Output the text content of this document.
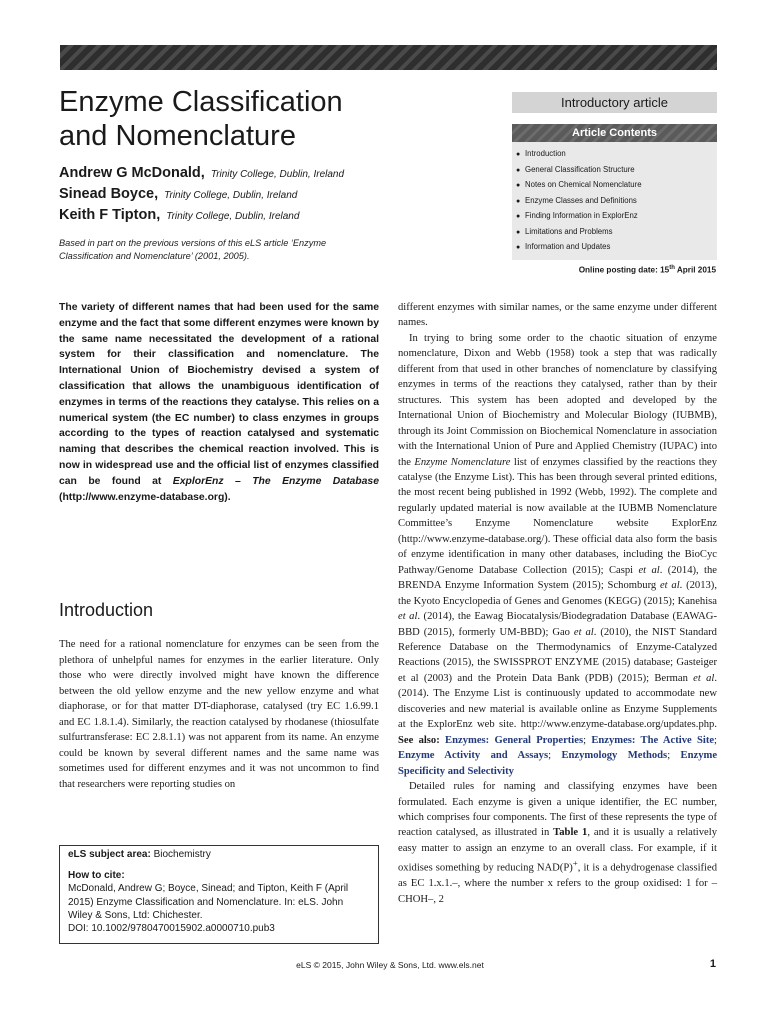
Enzyme Classification
and Nomenclature
Andrew G McDonald, Trinity College, Dublin, Ireland
Sinead Boyce, Trinity College, Dublin, Ireland
Keith F Tipton, Trinity College, Dublin, Ireland

Based in part on the previous versions of this eLS article ‘Enzyme Classification and Nomenclature’ (2001, 2005).

Introductory article
Article Contents
● Introduction
● General Classification Structure
● Notes on Chemical Nomenclature
● Enzyme Classes and Definitions
● Finding Information in ExplorEnz
● Limitations and Problems
● Information and Updates
Online posting date: 15th April 2015

The variety of different names that had been used for the same enzyme and the fact that some different enzymes were known by the same name necessitated the development of a rational system for their classification and nomenclature. The International Union of Biochemistry devised a system of classification that allows the unambiguous identification of enzymes in terms of the reactions they catalyse. This relies on a numerical system (the EC number) to class enzymes in groups according to the types of reaction catalysed and systematic naming that describes the chemical reaction involved. This is now in widespread use and the official list of enzymes classified can be found at ExplorEnz – The Enzyme Database (http://www.enzyme-database.org).

Introduction

The need for a rational nomenclature for enzymes can be seen from the plethora of unhelpful names for enzymes in the earlier literature. Only those who were directly involved might have known the difference between the old yellow enzyme and the new yellow enzyme and what diaphorase, or for that matter DT-diaphorase, catalysed (try EC 1.6.99.1 and EC 1.8.1.4). Similarly, the reaction catalysed by rhodanese (thiosulfate sulfurtransferase: EC 2.8.1.1) was not apparent from its name. An enzyme could be known by several different names and the same name was sometimes used for different enzymes and it was not uncommon to find that researchers were reporting studies on

eLS subject area: Biochemistry
How to cite:
McDonald, Andrew G; Boyce, Sinead; and Tipton, Keith F (April 2015) Enzyme Classification and Nomenclature. In: eLS. John Wiley & Sons, Ltd: Chichester.
DOI: 10.1002/9780470015902.a0000710.pub3

different enzymes with similar names, or the same enzyme under different names.

In trying to bring some order to the chaotic situation of enzyme nomenclature, Dixon and Webb (1958) took a step that was radically different from that used in other branches of nomenclature by classifying enzymes in terms of the reactions they catalysed, rather than by their structures. This system has been adopted and developed by the International Union of Biochemistry and Molecular Biology (IUBMB), through its Joint Commission on Biochemical Nomenclature in association with the International Union of Pure and Applied Chemistry (IUPAC) into the Enzyme Nomenclature list of enzymes classified by the reactions they catalyse (the Enzyme List). This has been through several printed editions, the most recent being published in 1992 (Webb, 1992). The complete and regularly updated material is now available at the IUBMB Nomenclature Committee’s Enzyme Nomenclature website ExplorEnz (http://www.enzyme-database.org/). These official data also form the basis of enzyme identification in many other databases, including the BioCyc Pathway/Genome Database Collection (2015); Caspi et al. (2014), the BRENDA Enzyme Information System (2015); Schomburg et al. (2013), the Kyoto Encyclopedia of Genes and Genomes (KEGG) (2015); Kanehisa et al. (2014), the Eawag Biocatalysis/Biodegradation Database (EAWAG-BBD (2015), formerly UM-BBD); Gao et al. (2010), the NIST Standard Reference Database on the Thermodynamics of Enzyme-Catalyzed Reactions (2015), the SWISSPROT ENZYME (2015) database; Gasteiger et al (2003) and the Protein Data Bank (PDB) (2015); Berman et al. (2014). The Enzyme List is continuously updated to accommodate new discoveries and new material is available online as Enzyme Supplements at the ExplorEnz web site. http://www.enzyme-database.org/updates.php. See also: Enzymes: General Properties; Enzymes: The Active Site; Enzyme Activity and Assays; Enzymology Methods; Enzyme Specificity and Selectivity

Detailed rules for naming and classifying enzymes have been formulated. Each enzyme is given a unique identifier, the EC number, which comprises four components. The first of these represents the type of reaction catalysed, as illustrated in Table 1, and it is usually a relatively easy matter to assign an enzyme to an overall class. For example, if it oxidises something by reducing NAD(P)+, it is a dehydrogenase classified as EC 1.x.1.–, where the number x refers to the group oxidised: 1 for –CHOH–, 2

eLS © 2015, John Wiley & Sons, Ltd. www.els.net	1
